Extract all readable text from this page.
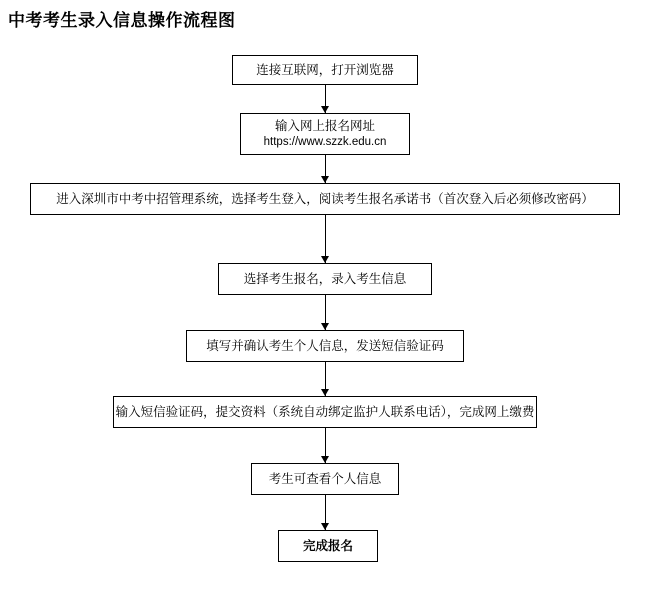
中考考生录入信息操作流程图
连接互联网，打开浏览器
输入网上报名网址
https://www.szzk.edu.cn
进入深圳市中考中招管理系统，选择考生登入，阅读考生报名承诺书（首次登入后必须修改密码）
选择考生报名，录入考生信息
填写并确认考生个人信息，发送短信验证码
输入短信验证码，提交资料（系统自动绑定监护人联系电话），完成网上缴费
考生可查看个人信息
完成报名
